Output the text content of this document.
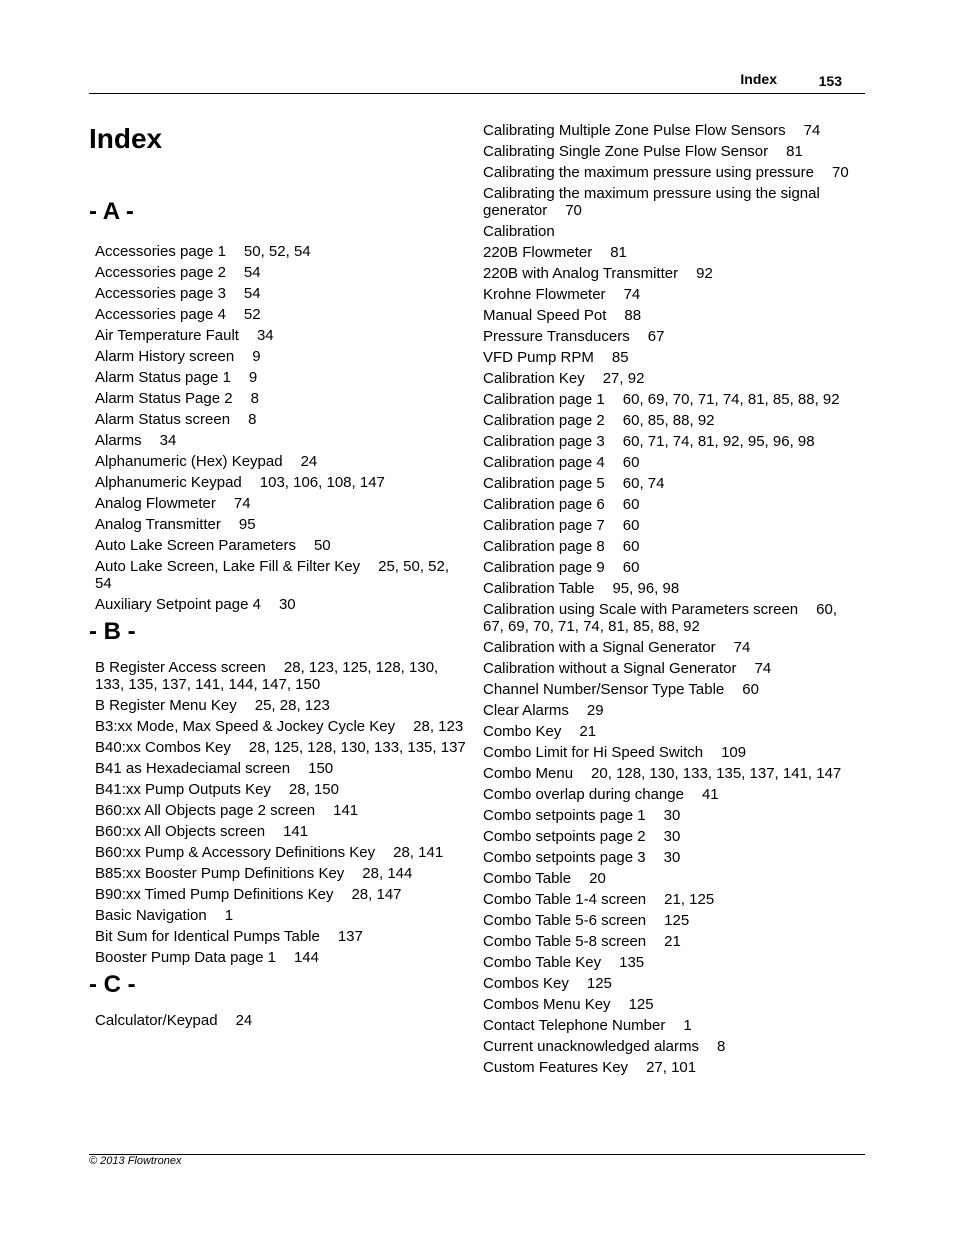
Index	153
Index
- A -
Accessories page 1 50, 52, 54
Accessories page 2 54
Accessories page 3 54
Accessories page 4 52
Air Temperature Fault 34
Alarm History screen 9
Alarm Status page 1 9
Alarm Status Page 2 8
Alarm Status screen 8
Alarms 34
Alphanumeric (Hex) Keypad 24
Alphanumeric Keypad 103, 106, 108, 147
Analog Flowmeter 74
Analog Transmitter 95
Auto Lake Screen Parameters 50
Auto Lake Screen, Lake Fill & Filter Key 25, 50, 52, 54
Auxiliary Setpoint page 4 30
- B -
B Register Access screen 28, 123, 125, 128, 130, 133, 135, 137, 141, 144, 147, 150
B Register Menu Key 25, 28, 123
B3:xx Mode, Max Speed & Jockey Cycle Key 28, 123
B40:xx Combos Key 28, 125, 128, 130, 133, 135, 137
B41 as Hexadeciamal screen 150
B41:xx Pump Outputs Key 28, 150
B60:xx All Objects page 2 screen 141
B60:xx All Objects screen 141
B60:xx Pump & Accessory Definitions Key 28, 141
B85:xx Booster Pump Definitions Key 28, 144
B90:xx Timed Pump Definitions Key 28, 147
Basic Navigation 1
Bit Sum for Identical Pumps Table 137
Booster Pump Data page 1 144
- C -
Calculator/Keypad 24
Calibrating Multiple Zone Pulse Flow Sensors 74
Calibrating Single Zone Pulse Flow Sensor 81
Calibrating the maximum pressure using pressure 70
Calibrating the maximum pressure using the signal generator 70
Calibration
220B Flowmeter 81
220B with Analog Transmitter 92
Krohne Flowmeter 74
Manual Speed Pot 88
Pressure Transducers 67
VFD Pump RPM 85
Calibration Key 27, 92
Calibration page 1 60, 69, 70, 71, 74, 81, 85, 88, 92
Calibration page 2 60, 85, 88, 92
Calibration page 3 60, 71, 74, 81, 92, 95, 96, 98
Calibration page 4 60
Calibration page 5 60, 74
Calibration page 6 60
Calibration page 7 60
Calibration page 8 60
Calibration page 9 60
Calibration Table 95, 96, 98
Calibration using Scale with Parameters screen 60, 67, 69, 70, 71, 74, 81, 85, 88, 92
Calibration with a Signal Generator 74
Calibration without a Signal Generator 74
Channel Number/Sensor Type Table 60
Clear Alarms 29
Combo Key 21
Combo Limit for Hi Speed Switch 109
Combo Menu 20, 128, 130, 133, 135, 137, 141, 147
Combo overlap during change 41
Combo setpoints page 1 30
Combo setpoints page 2 30
Combo setpoints page 3 30
Combo Table 20
Combo Table 1-4 screen 21, 125
Combo Table 5-6 screen 125
Combo Table 5-8 screen 21
Combo Table Key 135
Combos Key 125
Combos Menu Key 125
Contact Telephone Number 1
Current unacknowledged alarms 8
Custom Features Key 27, 101
© 2013 Flowtronex
